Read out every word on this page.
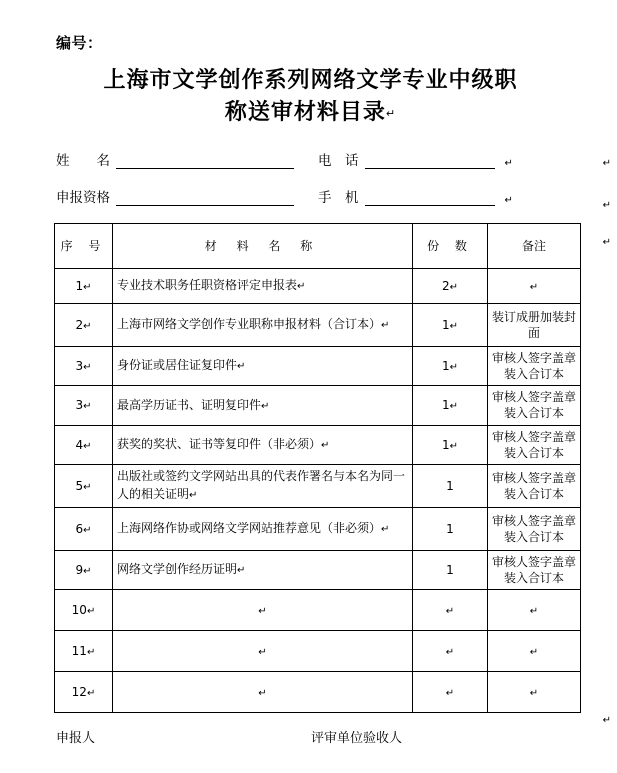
编号：
上海市文学创作系列网络文学专业中级职
称送审材料目录↵
姓　　名	电　话	↵
申报资格	手　机	↵
序 号	材 料 名 称	份 数	备注
1↵	专业技术职务任职资格评定申报表↵	2↵	↵
2↵	上海市网络文学创作专业职称申报材料（合订本）↵	1↵	装订成册加装封面
3↵	身份证或居住证复印件↵	1↵	审核人签字盖章装入合订本
3↵	最高学历证书、证明复印件↵	1↵	审核人签字盖章装入合订本
4↵	获奖的奖状、证书等复印件（非必须）↵	1↵	审核人签字盖章装入合订本
5↵	出版社或签约文学网站出具的代表作署名与本名为同一人的相关证明↵	1	审核人签字盖章装入合订本
6↵	上海网络作协或网络文学网站推荐意见（非必须）↵	1	审核人签字盖章装入合订本
9↵	网络文学创作经历证明↵	1	审核人签字盖章装入合订本
10↵	↵	↵	↵
11↵	↵	↵	↵
12↵	↵	↵	↵
申报人	评审单位验收人
↵
↵
↵
↵
